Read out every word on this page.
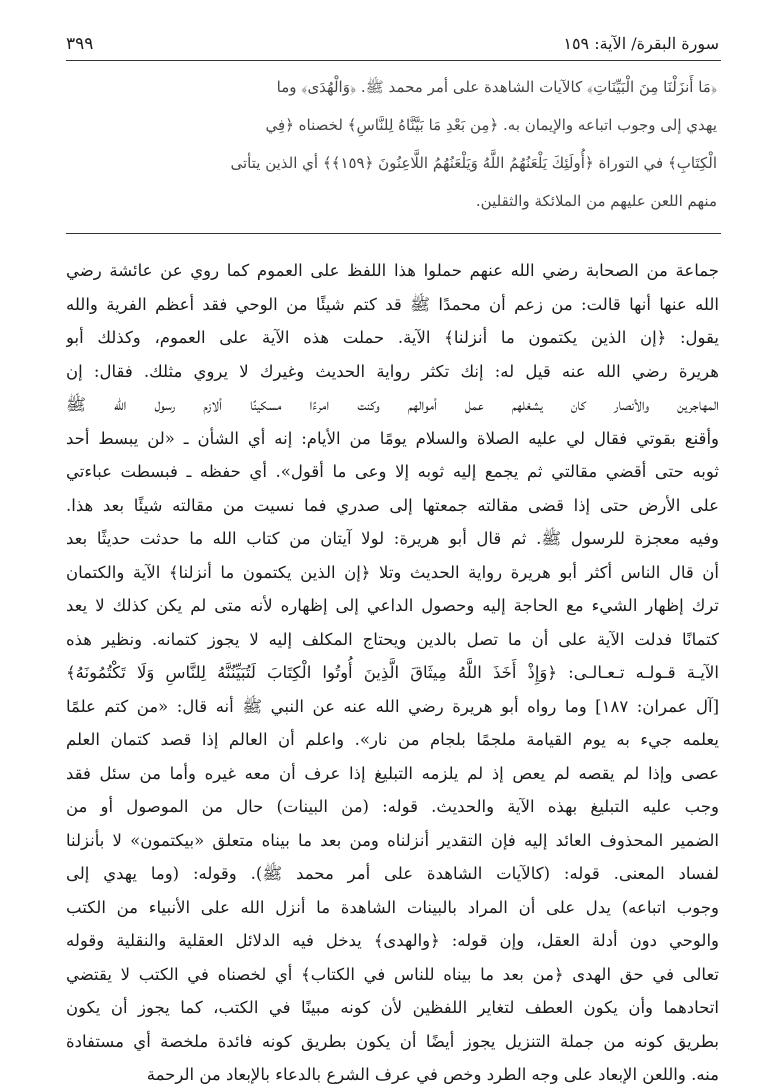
٣٩٩	سورة البقرة/ الآية: ١٥٩

﴿مَا أَنزَلْنَا مِنَ الْبَيِّنَاتِ﴾ كالآيات الشاهدة على أمر محمد ﷺ. ﴿وَالْهُدَى﴾ وما

يهدي إلى وجوب اتباعه والإيمان به. ﴿مِن بَعْدِ مَا بَيَّنَّاهُ لِلنَّاسِ﴾ لخصناه ﴿فِي

الْكِتَابِ﴾ في التوراة ﴿أُولَئِكَ يَلْعَنُهُمُ اللَّهُ وَيَلْعَنُهُمُ اللَّاعِنُونَ ﴿١٥٩﴾﴾ أي الذين يتأتى

منهم اللعن عليهم من الملائكة والثقلين.

جماعة من الصحابة رضي الله عنهم حملوا هذا اللفظ على العموم كما روي عن عائشة رضي

الله عنها أنها قالت: من زعم أن محمدًا ﷺ قد كتم شيئًا من الوحي فقد أعظم الفرية والله

يقول: ﴿إن الذين يكتمون ما أنزلنا﴾ الآية. حملت هذه الآية على العموم، وكذلك أبو

هريرة رضي الله عنه قيل له: إنك تكثر رواية الحديث وغيرك لا يروي مثلك. فقال: إن

المهاجرين والأنصار كان يشغلهم عمل أموالهم وكنت امرءًا مسكينًا ألازم رسول الله ﷺ

وأقنع بقوتي فقال لي عليه الصلاة والسلام يومًا من الأيام: إنه أي الشأن ـ «لن يبسط أحد

ثوبه حتى أقضي مقالتي ثم يجمع إليه ثوبه إلا وعى ما أقول». أي حفظه ـ فبسطت عباءتي

على الأرض حتى إذا قضى مقالته جمعتها إلى صدري فما نسيت من مقالته شيئًا بعد هذا.

وفيه معجزة للرسول ﷺ. ثم قال أبو هريرة: لولا آيتان من كتاب الله ما حدثت حديثًا بعد

أن قال الناس أكثر أبو هريرة رواية الحديث وتلا ﴿إن الذين يكتمون ما أنزلنا﴾ الآية والكتمان

ترك إظهار الشيء مع الحاجة إليه وحصول الداعي إلى إظهاره لأنه متى لم يكن كذلك لا يعد

كتمانًا فدلت الآية على أن ما تصل بالدين ويحتاج المكلف إليه لا يجوز كتمانه. ونظير هذه

الآيـة قـولـه تـعـالـى: ﴿وَإِذْ أَخَذَ اللَّهُ مِيثَاقَ الَّذِينَ أُوتُوا الْكِتَابَ لَتُبَيِّنُنَّهُ لِلنَّاسِ وَلَا تَكْتُمُونَهُ﴾

[آل عمران: ١٨٧] وما رواه أبو هريرة رضي الله عنه عن النبي ﷺ أنه قال: «من كتم علمًا

يعلمه جيء به يوم القيامة ملجمًا بلجام من نار». واعلم أن العالم إذا قصد كتمان العلم

عصى وإذا لم يقصه لم يعص إذ لم يلزمه التبليغ إذا عرف أن معه غيره وأما من سئل فقد

وجب عليه التبليغ بهذه الآية والحديث. قوله: (من البينات) حال من الموصول أو من

الضمير المحذوف العائد إليه فإن التقدير أنزلناه ومن بعد ما بيناه متعلق «بيكتمون» لا بأنزلنا

لفساد المعنى. قوله: (كالآيات الشاهدة على أمر محمد ﷺ). وقوله: (وما يهدي إلى

وجوب اتباعه) يدل على أن المراد بالبينات الشاهدة ما أنزل الله على الأنبياء من الكتب

والوحي دون أدلة العقل، وإن قوله: ﴿والهدى﴾ يدخل فيه الدلائل العقلية والنقلية وقوله

تعالى في حق الهدى ﴿من بعد ما بيناه للناس في الكتاب﴾ أي لخصناه في الكتب لا يقتضي

اتحادهما وأن يكون العطف لتغاير اللفظين لأن كونه مبينًا في الكتب، كما يجوز أن يكون

بطريق كونه من جملة التنزيل يجوز أيضًا أن يكون بطريق كونه فائدة ملخصة أي مستفادة

منه. واللعن الإبعاد على وجه الطرد وخص في عرف الشرع بالدعاء بالإبعاد من الرحمة
